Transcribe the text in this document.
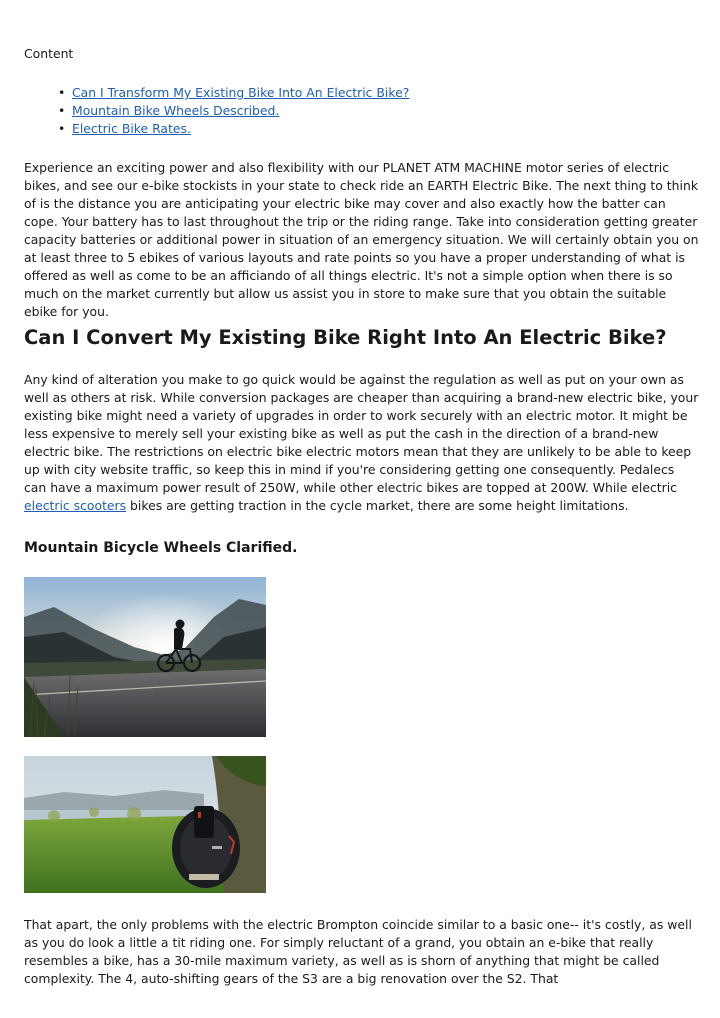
Content

• Can I Transform My Existing Bike Into An Electric Bike?
• Mountain Bike Wheels Described.
• Electric Bike Rates.

Experience an exciting power and also flexibility with our PLANET ATM MACHINE motor series of electric bikes, and see our e-bike stockists in your state to check ride an EARTH Electric Bike. The next thing to think of is the distance you are anticipating your electric bike may cover and also exactly how the batter can cope. Your battery has to last throughout the trip or the riding range. Take into consideration getting greater capacity batteries or additional power in situation of an emergency situation. We will certainly obtain you on at least three to 5 ebikes of various layouts and rate points so you have a proper understanding of what is offered as well as come to be an afficiando of all things electric. It's not a simple option when there is so much on the market currently but allow us assist you in store to make sure that you obtain the suitable ebike for you.

Can I Convert My Existing Bike Right Into An Electric Bike?

Any kind of alteration you make to go quick would be against the regulation as well as put on your own as well as others at risk. While conversion packages are cheaper than acquiring a brand-new electric bike, your existing bike might need a variety of upgrades in order to work securely with an electric motor. It might be less expensive to merely sell your existing bike as well as put the cash in the direction of a brand-new electric bike. The restrictions on electric bike electric motors mean that they are unlikely to be able to keep up with city website traffic, so keep this in mind if you're considering getting one consequently. Pedalecs can have a maximum power result of 250W, while other electric bikes are topped at 200W. While electric electric scooters bikes are getting traction in the cycle market, there are some height limitations.

Mountain Bicycle Wheels Clarified.

That apart, the only problems with the electric Brompton coincide similar to a basic one-- it's costly, as well as you do look a little a tit riding one. For simply reluctant of a grand, you obtain an e-bike that really resembles a bike, has a 30-mile maximum variety, as well as is shorn of anything that might be called complexity. The 4, auto-shifting gears of the S3 are a big renovation over the S2. That
